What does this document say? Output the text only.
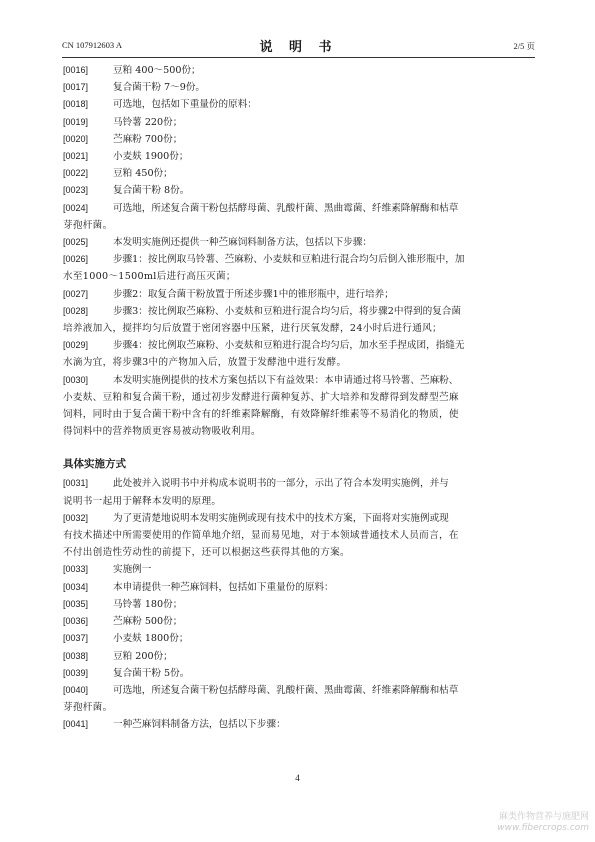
CN 107912603 A	说 明 书	2/5 页
[0016]	豆粕 400～500份；
[0017]	复合菌干粉 7～9份。
[0018]	可选地，包括如下重量份的原料：
[0019]	马铃薯 220份；
[0020]	苎麻粉 700份；
[0021]	小麦麸 1900份；
[0022]	豆粕 450份；
[0023]	复合菌干粉 8份。
[0024]	可选地，所述复合菌干粉包括酵母菌、乳酸杆菌、黑曲霉菌、纤维素降解酶和枯草
芽孢杆菌。
[0025]	本发明实施例还提供一种苎麻饲料制备方法，包括以下步骤：
[0026]	步骤1：按比例取马铃薯、苎麻粉、小麦麸和豆粕进行混合均匀后倒入锥形瓶中，加
水至1000～1500ml后进行高压灭菌；
[0027]	步骤2：取复合菌干粉放置于所述步骤1中的锥形瓶中，进行培养；
[0028]	步骤3：按比例取苎麻粉、小麦麸和豆粕进行混合均匀后，将步骤2中得到的复合菌
培养液加入，搅拌均匀后放置于密闭容器中压紧，进行厌氧发酵，24小时后进行通风；
[0029]	步骤4：按比例取苎麻粉、小麦麸和豆粕进行混合均匀后，加水至手捏成团，指缝无
水滴为宜，将步骤3中的产物加入后，放置于发酵池中进行发酵。
[0030]	本发明实施例提供的技术方案包括以下有益效果：本申请通过将马铃薯、苎麻粉、
小麦麸、豆粕和复合菌干粉，通过初步发酵进行菌种复苏、扩大培养和发酵得到发酵型苎麻
饲料，同时由于复合菌干粉中含有的纤维素降解酶，有效降解纤维素等不易消化的物质，使
得饲料中的营养物质更容易被动物吸收利用。
具体实施方式
[0031]	此处被并入说明书中并构成本说明书的一部分，示出了符合本发明实施例，并与
说明书一起用于解释本发明的原理。
[0032]	为了更清楚地说明本发明实施例或现有技术中的技术方案，下面将对实施例或现
有技术描述中所需要使用的作简单地介绍，显而易见地，对于本领域普通技术人员而言，在
不付出创造性劳动性的前提下，还可以根据这些获得其他的方案。
[0033]	实施例一
[0034]	本申请提供一种苎麻饲料，包括如下重量份的原料：
[0035]	马铃薯 180份；
[0036]	苎麻粉 500份；
[0037]	小麦麸 1800份；
[0038]	豆粕 200份；
[0039]	复合菌干粉 5份。
[0040]	可选地，所述复合菌干粉包括酵母菌、乳酸杆菌、黑曲霉菌、纤维素降解酶和枯草
芽孢杆菌。
[0041]	一种苎麻饲料制备方法，包括以下步骤：
4
麻类作物营养与施肥网
www.fibercrops.com
